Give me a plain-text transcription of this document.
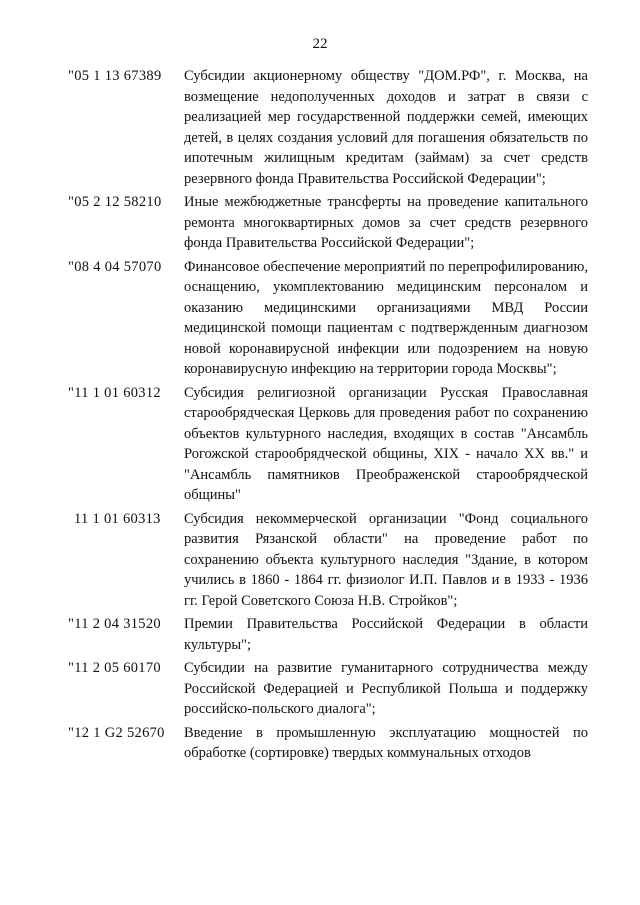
22
"05 1 13 67389	Субсидии акционерному обществу "ДОМ.РФ", г. Москва, на возмещение недополученных доходов и затрат в связи с реализацией мер государственной поддержки семей, имеющих детей, в целях создания условий для погашения обязательств по ипотечным жилищным кредитам (займам) за счет средств резервного фонда Правительства Российской Федерации";
"05 2 12 58210	Иные межбюджетные трансферты на проведение капитального ремонта многоквартирных домов за счет средств резервного фонда Правительства Российской Федерации";
"08 4 04 57070	Финансовое обеспечение мероприятий по перепрофилированию, оснащению, укомплектованию медицинским персоналом и оказанию медицинскими организациями МВД России медицинской помощи пациентам с подтвержденным диагнозом новой коронавирусной инфекции или подозрением на новую коронавирусную инфекцию на территории города Москвы";
"11 1 01 60312	Субсидия религиозной организации Русская Православная старообрядческая Церковь для проведения работ по сохранению объектов культурного наследия, входящих в состав "Ансамбль Рогожской старообрядческой общины, XIX - начало XX вв." и "Ансамбль памятников Преображенской старообрядческой общины"
11 1 01 60313	Субсидия некоммерческой организации "Фонд социального развития Рязанской области" на проведение работ по сохранению объекта культурного наследия "Здание, в котором учились в 1860 - 1864 гг. физиолог И.П. Павлов и в 1933 - 1936 гг. Герой Советского Союза Н.В. Стройков";
"11 2 04 31520	Премии Правительства Российской Федерации в области культуры";
"11 2 05 60170	Субсидии на развитие гуманитарного сотрудничества между Российской Федерацией и Республикой Польша и поддержку российско-польского диалога";
"12 1 G2 52670	Введение в промышленную эксплуатацию мощностей по обработке (сортировке) твердых коммунальных отходов
